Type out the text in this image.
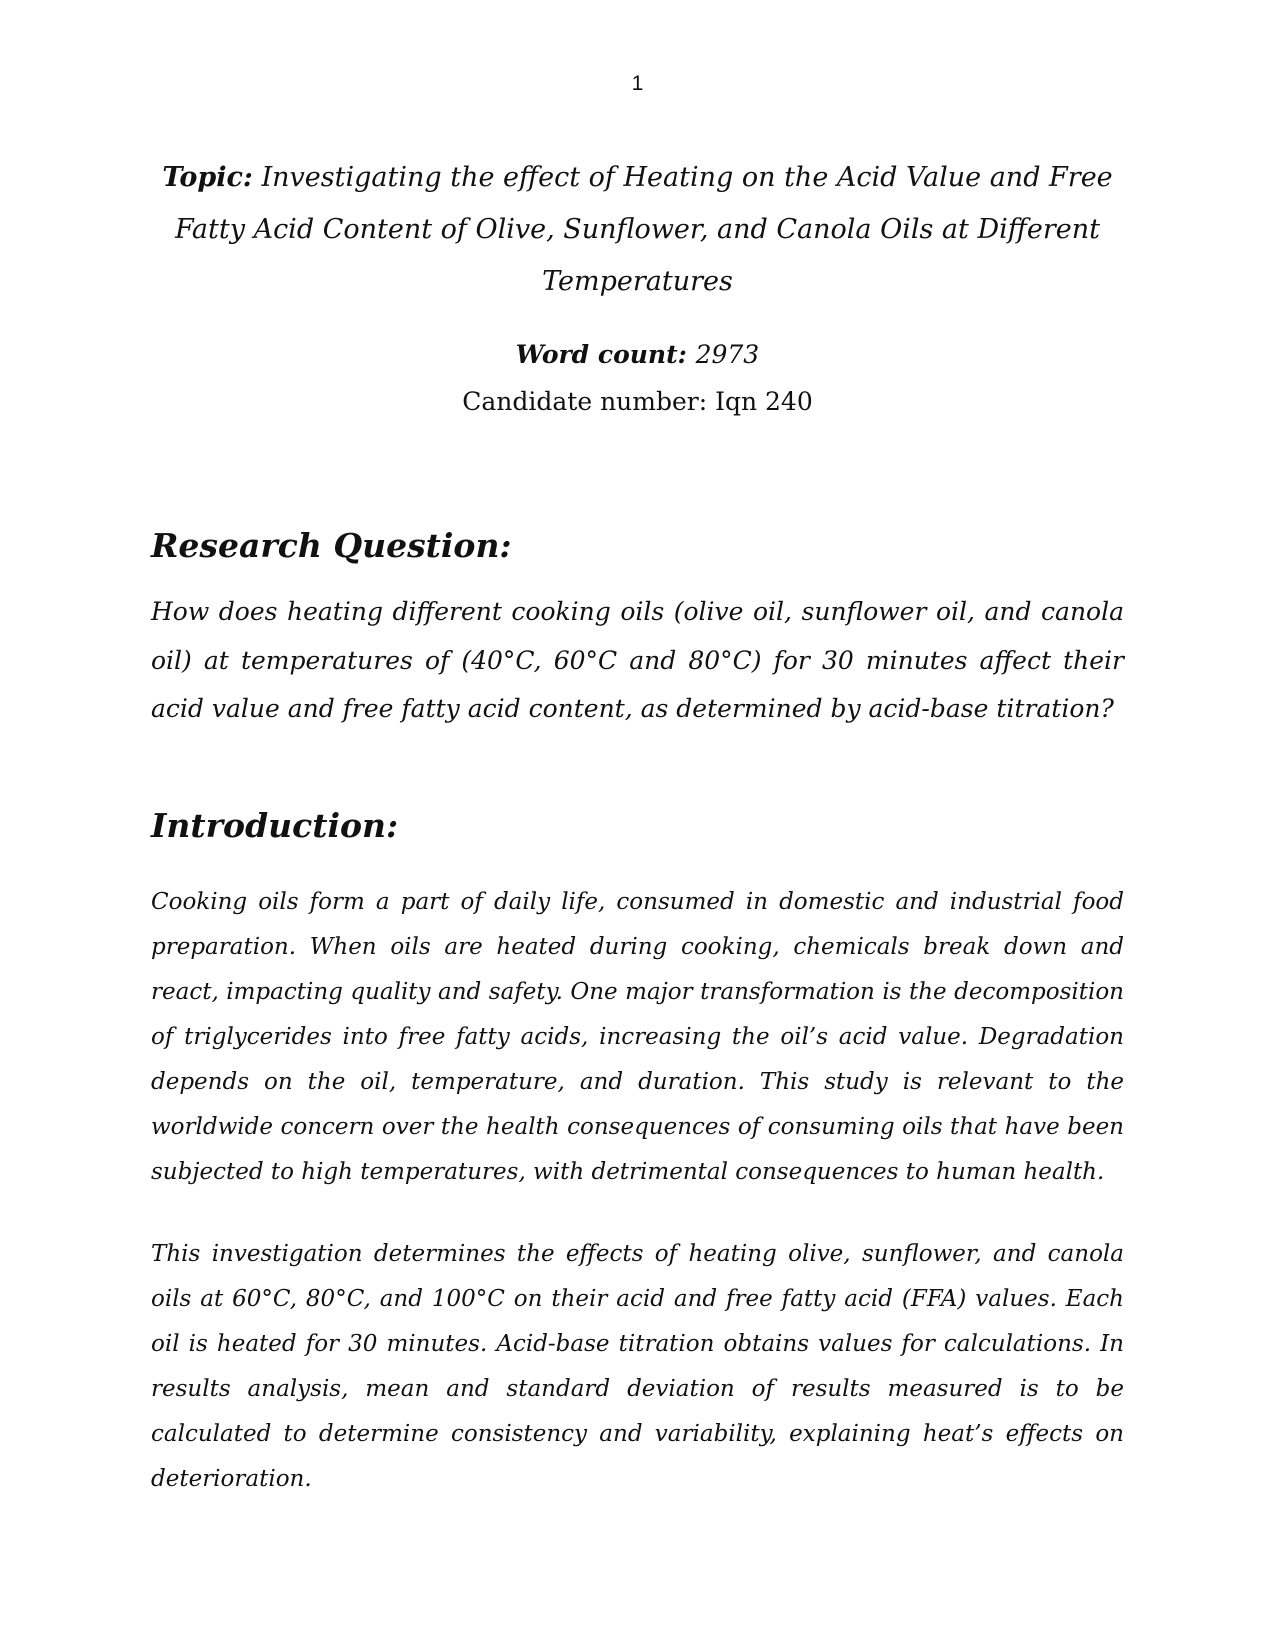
1
Topic: Investigating the effect of Heating on the Acid Value and Free Fatty Acid Content of Olive, Sunflower, and Canola Oils at Different Temperatures
Word count: 2973
Candidate number: Iqn 240
Research Question:

How does heating different cooking oils (olive oil, sunflower oil, and canola oil) at temperatures of (40°C, 60°C and 80°C) for 30 minutes affect their acid value and free fatty acid content, as determined by acid-base titration?

Introduction:

Cooking oils form a part of daily life, consumed in domestic and industrial food preparation. When oils are heated during cooking, chemicals break down and react, impacting quality and safety. One major transformation is the decomposition of triglycerides into free fatty acids, increasing the oil’s acid value. Degradation depends on the oil, temperature, and duration. This study is relevant to the worldwide concern over the health consequences of consuming oils that have been subjected to high temperatures, with detrimental consequences to human health.

This investigation determines the effects of heating olive, sunflower, and canola oils at 60°C, 80°C, and 100°C on their acid and free fatty acid (FFA) values. Each oil is heated for 30 minutes. Acid-base titration obtains values for calculations. In results analysis, mean and standard deviation of results measured is to be calculated to determine consistency and variability, explaining heat’s effects on deterioration.
